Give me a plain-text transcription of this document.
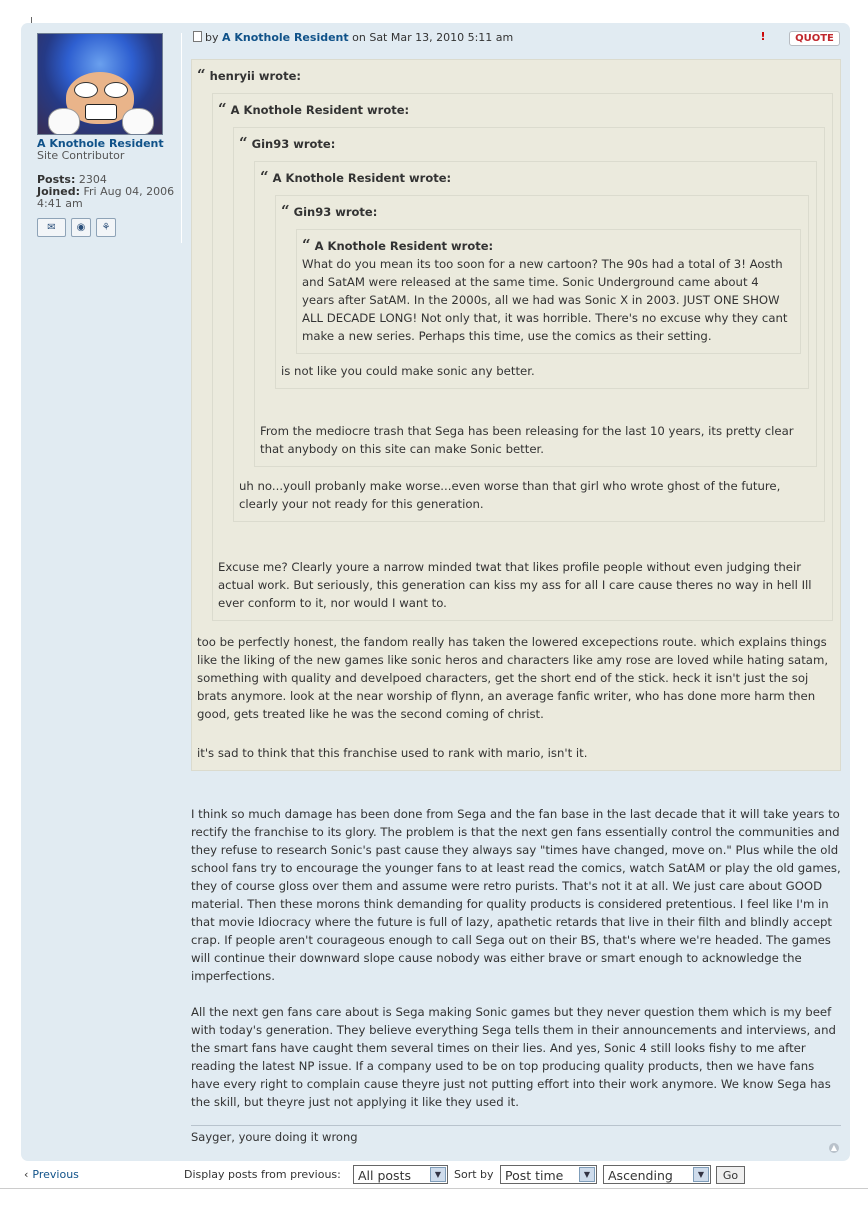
A Knothole Resident
Site Contributor
Posts: 2304
Joined: Fri Aug 04, 2006 4:41 am
✉	◉	⚘
by A Knothole Resident on Sat Mar 13, 2010 5:11 am	!	QUOTE
“ henryii wrote:
“ A Knothole Resident wrote:
“ Gin93 wrote:
“ A Knothole Resident wrote:
“ Gin93 wrote:
“ A Knothole Resident wrote:

What do you mean its too soon for a new cartoon? The 90s had a total of 3! Aosth and SatAM were released at the same time. Sonic Underground came about 4 years after SatAM. In the 2000s, all we had was Sonic X in 2003. JUST ONE SHOW ALL DECADE LONG! Not only that, it was horrible. There's no excuse why they cant make a new series. Perhaps this time, use the comics as their setting.

is not like you could make sonic any better.

From the mediocre trash that Sega has been releasing for the last 10 years, its pretty clear that anybody on this site can make Sonic better.

uh no...youll probanly make worse...even worse than that girl who wrote ghost of the future, clearly your not ready for this generation.

Excuse me? Clearly youre a narrow minded twat that likes profile people without even judging their actual work. But seriously, this generation can kiss my ass for all I care cause theres no way in hell Ill ever conform to it, nor would I want to.

too be perfectly honest, the fandom really has taken the lowered excepections route. which explains things like the liking of the new games like sonic heros and characters like amy rose are loved while hating satam, something with quality and develpoed characters, get the short end of the stick. heck it isn't just the soj brats anymore. look at the near worship of flynn, an average fanfic writer, who has done more harm then good, gets treated like he was the second coming of christ.

it's sad to think that this franchise used to rank with mario, isn't it.

I think so much damage has been done from Sega and the fan base in the last decade that it will take years to rectify the franchise to its glory. The problem is that the next gen fans essentially control the communities and they refuse to research Sonic's past cause they always say "times have changed, move on." Plus while the old school fans try to encourage the younger fans to at least read the comics, watch SatAM or play the old games, they of course gloss over them and assume were retro purists. That's not it at all. We just care about GOOD material. Then these morons think demanding for quality products is considered pretentious. I feel like I'm in that movie Idiocracy where the future is full of lazy, apathetic retards that live in their filth and blindly accept crap. If people aren't courageous enough to call Sega out on their BS, that's where we're headed. The games will continue their downward slope cause nobody was either brave or smart enough to acknowledge the imperfections.

All the next gen fans care about is Sega making Sonic games but they never question them which is my beef with today's generation. They believe everything Sega tells them in their announcements and interviews, and the smart fans have caught them several times on their lies. And yes, Sonic 4 still looks fishy to me after reading the latest NP issue. If a company used to be on top producing quality products, then we have fans have every right to complain cause theyre just not putting effort into their work anymore. We know Sega has the skill, but theyre just not applying it like they used it.

Sayger, youre doing it wrong
▲
‹ Previous	Display posts from previous:	All posts	▼	Sort by Post time	▼	Ascending	▼	Go
